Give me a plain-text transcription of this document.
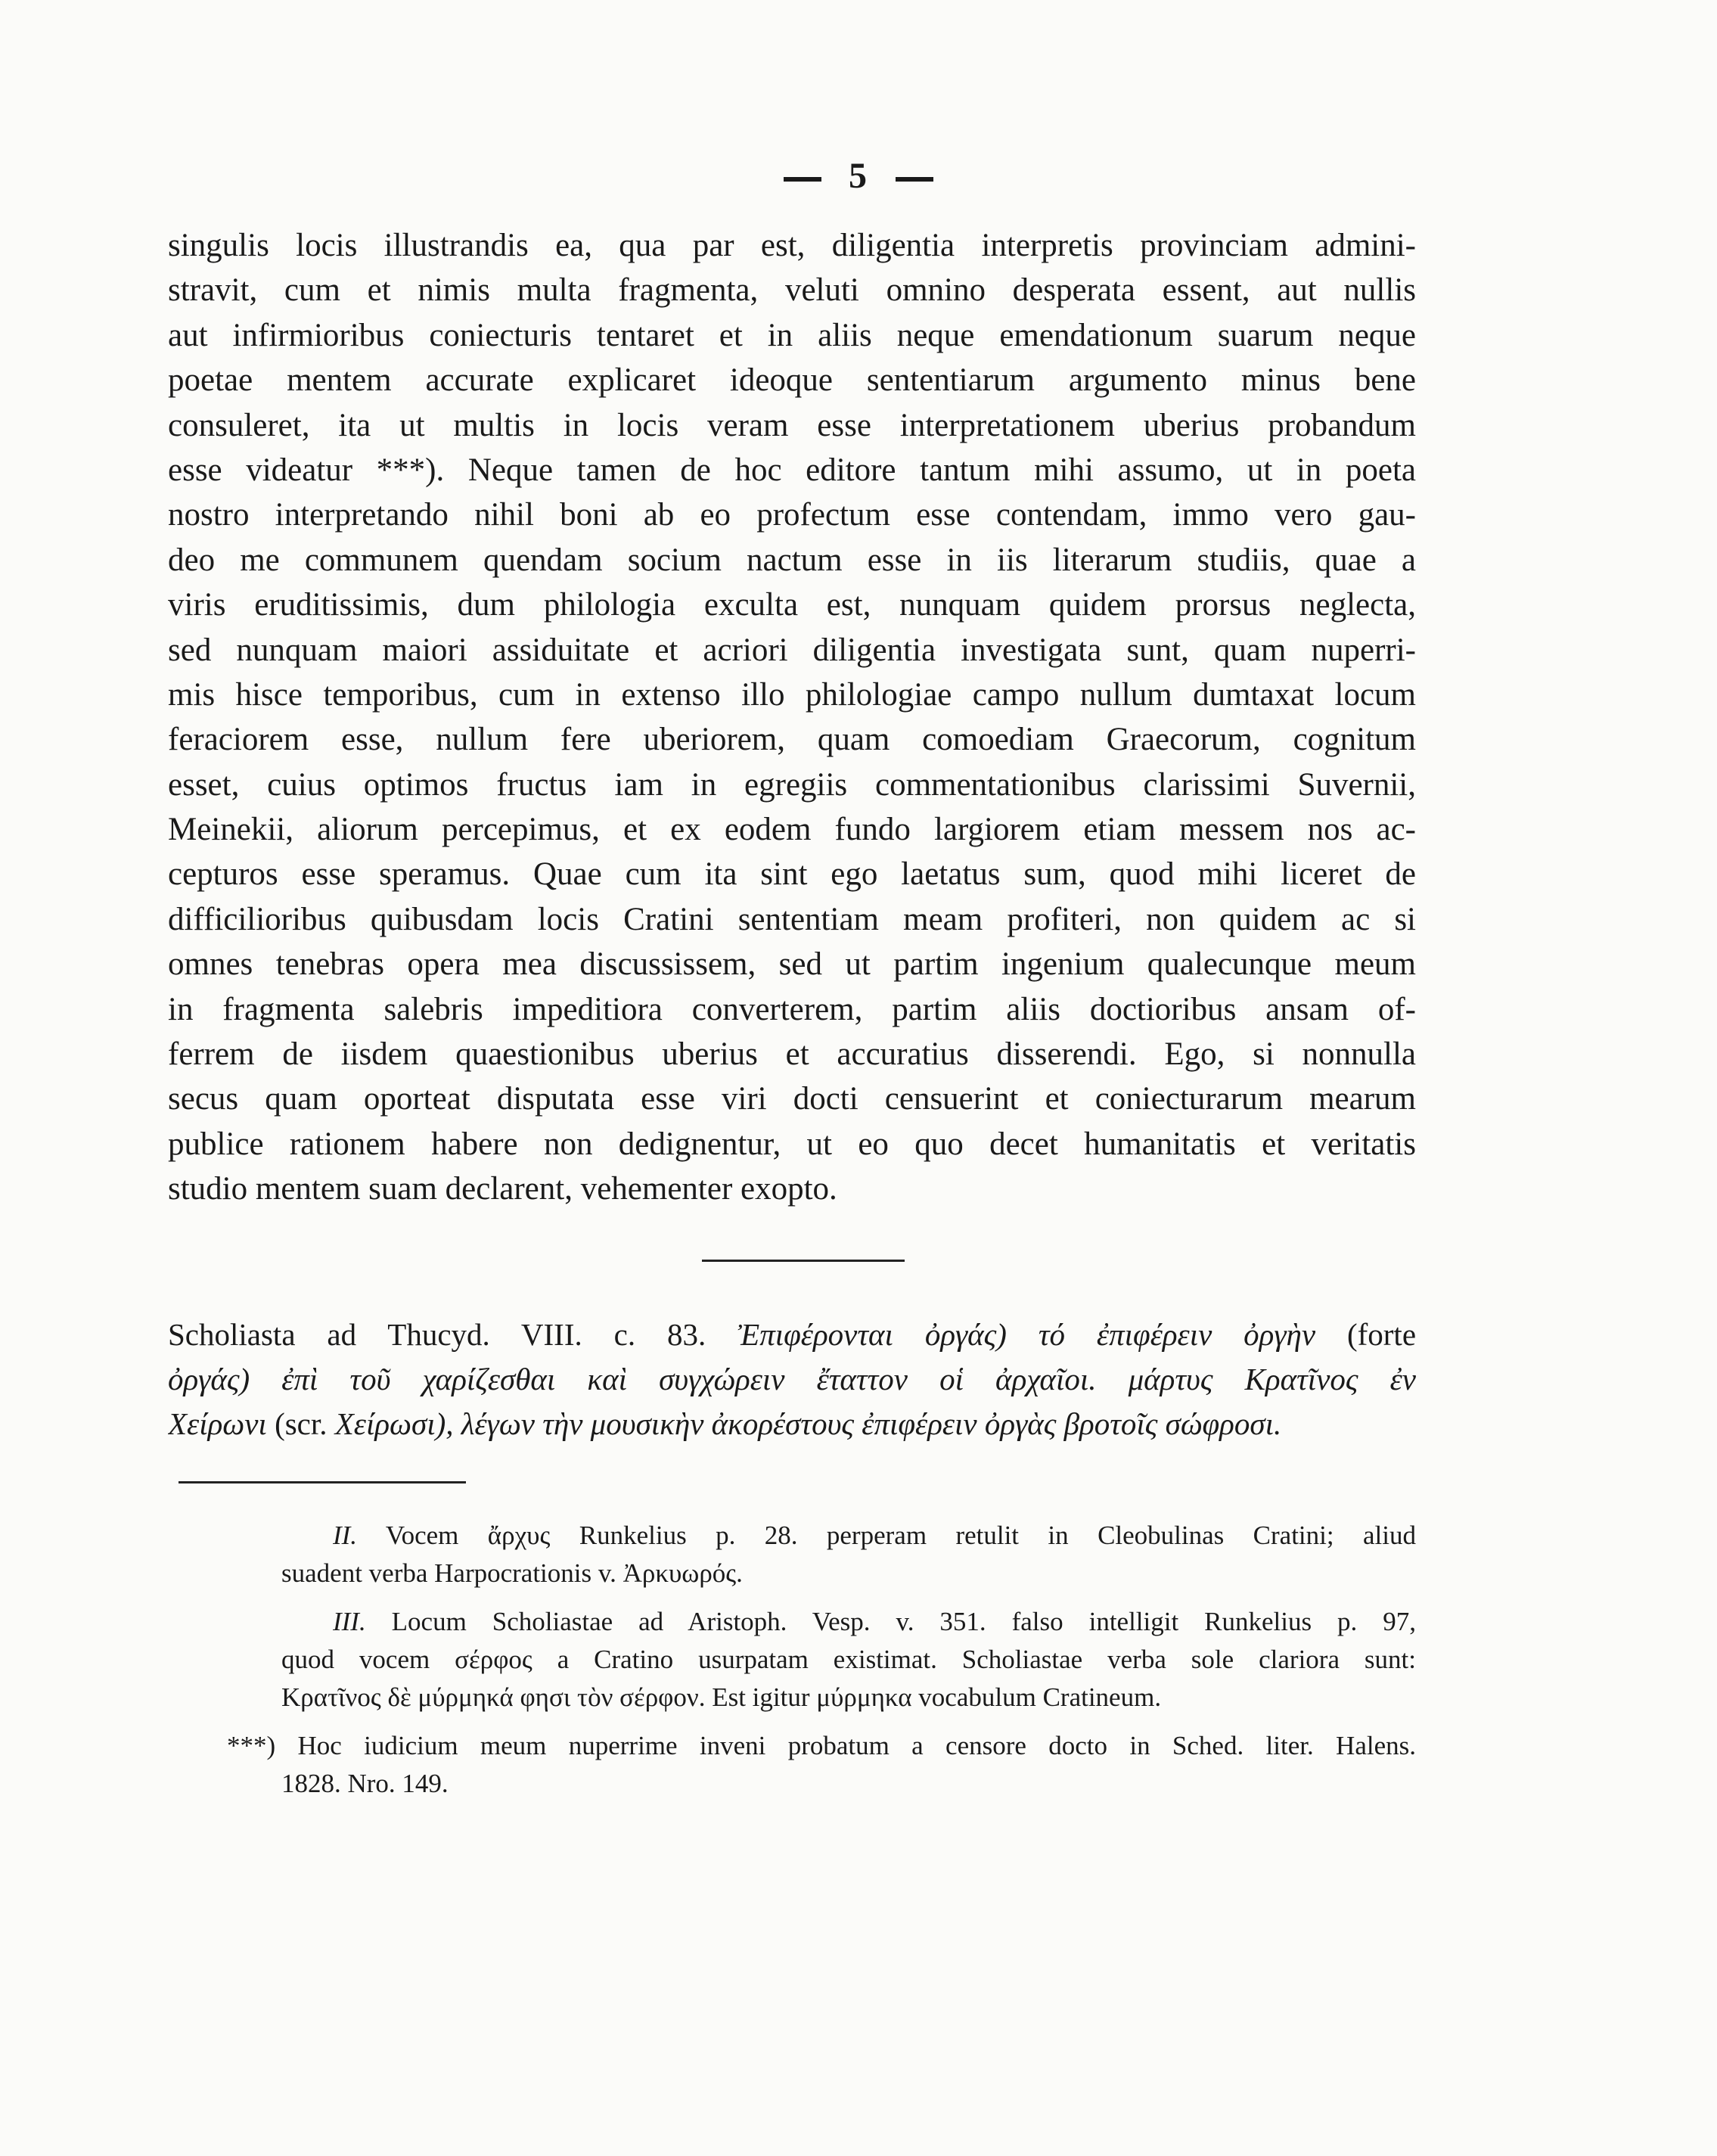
5
singulis locis illustrandis ea, qua par est, diligentia interpretis provinciam admini-
stravit, cum et nimis multa fragmenta, veluti omnino desperata essent, aut nullis
aut infirmioribus coniecturis tentaret et in aliis neque emendationum suarum neque
poetae mentem accurate explicaret ideoque sententiarum argumento minus bene
consuleret, ita ut multis in locis veram esse interpretationem uberius probandum
esse videatur ***). Neque tamen de hoc editore tantum mihi assumo, ut in poeta
nostro interpretando nihil boni ab eo profectum esse contendam, immo vero gau-
deo me communem quendam socium nactum esse in iis literarum studiis, quae a
viris eruditissimis, dum philologia exculta est, nunquam quidem prorsus neglecta,
sed nunquam maiori assiduitate et acriori diligentia investigata sunt, quam nuperri-
mis hisce temporibus, cum in extenso illo philologiae campo nullum dumtaxat locum
feraciorem esse, nullum fere uberiorem, quam comoediam Graecorum, cognitum
esset, cuius optimos fructus iam in egregiis commentationibus clarissimi Suvernii,
Meinekii, aliorum percepimus, et ex eodem fundo largiorem etiam messem nos ac-
cepturos esse speramus. Quae cum ita sint ego laetatus sum, quod mihi liceret de
difficilioribus quibusdam locis Cratini sententiam meam profiteri, non quidem ac si
omnes tenebras opera mea discussissem, sed ut partim ingenium qualecunque meum
in fragmenta salebris impeditiora converterem, partim aliis doctioribus ansam of-
ferrem de iisdem quaestionibus uberius et accuratius disserendi. Ego, si nonnulla
secus quam oporteat disputata esse viri docti censuerint et coniecturarum mearum
publice rationem habere non dedignentur, ut eo quo decet humanitatis et veritatis
studio mentem suam declarent, vehementer exopto.
Scholiasta ad Thucyd. VIII. c. 83. Ἐπιφέρονται ὀργάς) τό ἐπιφέρειν ὀργὴν (forte
ὀργάς) ἐπὶ τοῦ χαρίζεσθαι καὶ συγχώρειν ἔταττον οἱ ἀρχαῖοι. μάρτυς Κρατῖνος ἐν
Χείρωνι (scr. Χείρωσι), λέγων τὴν μουσικὴν ἀκορέστους ἐπιφέρειν ὀργὰς βροτοῖς σώφροσι.
II. Vocem ἄρχυς Runkelius p. 28. perperam retulit in Cleobulinas Cratini; aliud
suadent verba Harpocrationis v. Ἀρκυωρός.
III. Locum Scholiastae ad Aristoph. Vesp. v. 351. falso intelligit Runkelius p. 97,
quod vocem σέρφος a Cratino usurpatam existimat. Scholiastae verba sole clariora sunt:
Κρατῖνος δὲ μύρμηκά φησι τὸν σέρφον. Est igitur μύρμηκα vocabulum Cratineum.
***) Hoc iudicium meum nuperrime inveni probatum a censore docto in Sched. liter. Halens.
1828. Nro. 149.
